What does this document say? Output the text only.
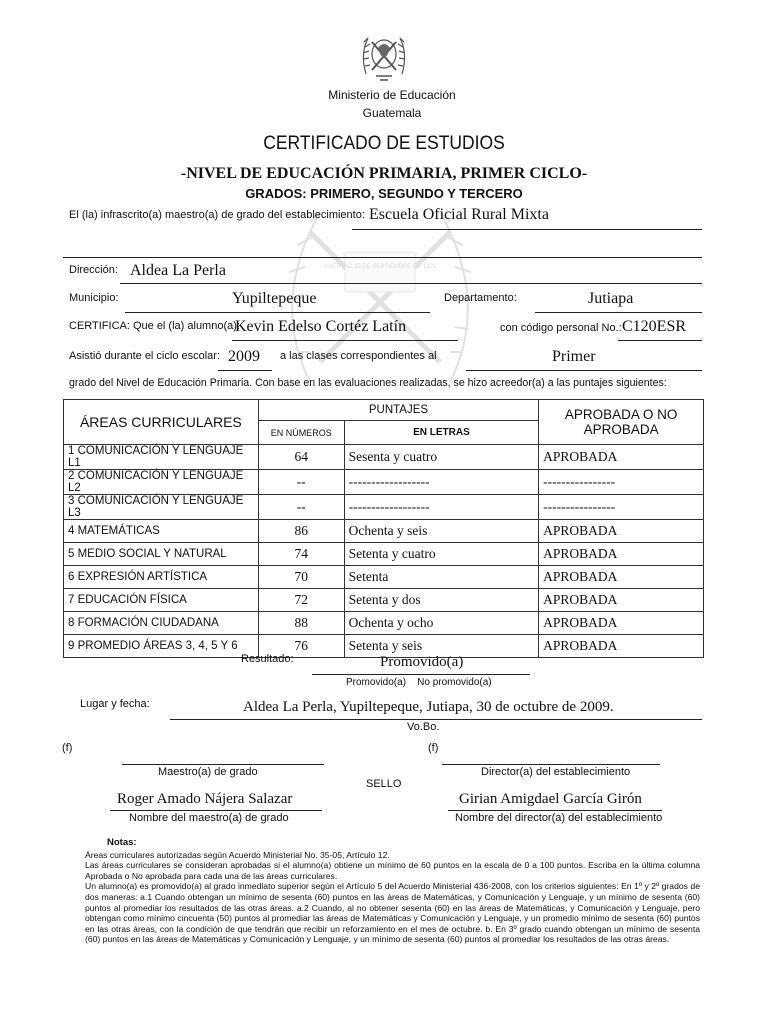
LIBERTAD 15 DE SEPTIEMBRE DE 1821
Ministerio de Educación
Guatemala
CERTIFICADO DE ESTUDIOS
-NIVEL DE EDUCACIÓN PRIMARIA, PRIMER CICLO-
GRADOS: PRIMERO, SEGUNDO Y TERCERO
El (la) infrascrito(a) maestro(a) de grado del establecimiento: Escuela Oficial Rural Mixta
Dirección: Aldea La Perla
Municipio:	Yupiltepeque	Departamento:	Jutiapa
CERTIFICA: Que el (la) alumno(a):
Kevin Edelso Cortéz Latín	con código personal No.: C120ESR
Asistió durante el ciclo escolar: 2009 a las clases correspondientes al	Primer
grado del Nivel de Educación Primaria. Con base en las evaluaciones realizadas, se hizo acreedor(a) a las puntajes siguientes:
ÁREAS CURRICULARES	PUNTAJES		APROBADA O NO APROBADA
	EN NÚMEROS	EN LETRAS	
1 COMUNICACIÓN Y LENGUAJE L1	64	Sesenta y cuatro	APROBADA
2 COMUNICACIÓN Y LENGUAJE L2	--	------------------	----------------
3 COMUNICACIÓN Y LENGUAJE L3	--	------------------	----------------
4 MATEMÁTICAS	86	Ochenta y seis	APROBADA
5 MEDIO SOCIAL Y NATURAL	74	Setenta y cuatro	APROBADA
6 EXPRESIÓN ARTÍSTICA	70	Setenta	APROBADA
7 EDUCACIÓN FÍSICA	72	Setenta y dos	APROBADA
8 FORMACIÓN CIUDADANA	88	Ochenta y ocho	APROBADA
9 PROMEDIO ÁREAS 3, 4, 5 Y 6	76	Setenta y seis	APROBADA
Resultado:	Promovido(a)
Promovido(a)    No promovido(a)
Lugar y fecha:	Aldea La Perla, Yupiltepeque, Jutiapa, 30 de octubre de 2009.
Vo.Bo.
(f)	(f)
Maestro(a) de grado	Director(a) del establecimiento
SELLO
Roger Amado Nájera Salazar	Girian Amigdael García Girón
Nombre del maestro(a) de grado	Nombre del director(a) del establecimiento
Notas:
Áreas curriculares autorizadas según Acuerdo Ministerial No. 35-05, Artículo 12.
Las áreas curriculares se consideran aprobadas si el alumno(a) obtiene un mínimo de 60 puntos en la escala de 0 a 100 puntos. Escriba en la última columna Aprobada o No aprobada para cada una de las áreas curriculares.
Un alumno(a) es promovido(a) al grado inmediato superior según el Artículo 5 del Acuerdo Ministerial 436-2008, con los criterios siguientes: En 1º y 2º grados de dos maneras: a.1 Cuando obtengan un mínimo de sesenta (60) puntos en las áreas de Matemáticas, y Comunicación y Lenguaje, y un mínimo de sesenta (60) puntos al promediar los resultados de las otras áreas. a.2 Cuando, al no obtener sesenta (60) en las áreas de Matemáticas, y Comunicación y Lenguaje, pero obtengan como mínimo cincuenta (50) puntos al promediar las áreas de Matemáticas y Comunicación y Lenguaje, y un promedio mínimo de sesenta (60) puntos en las otras áreas, con la condición de que tendrán que recibir un reforzamiento en el mes de octubre. b. En 3º grado cuando obtengan un mínimo de sesenta (60) puntos en las áreas de Matemáticas y Comunicación y Lenguaje, y un mínimo de sesenta (60) puntos al promediar los resultados de las otras áreas.
